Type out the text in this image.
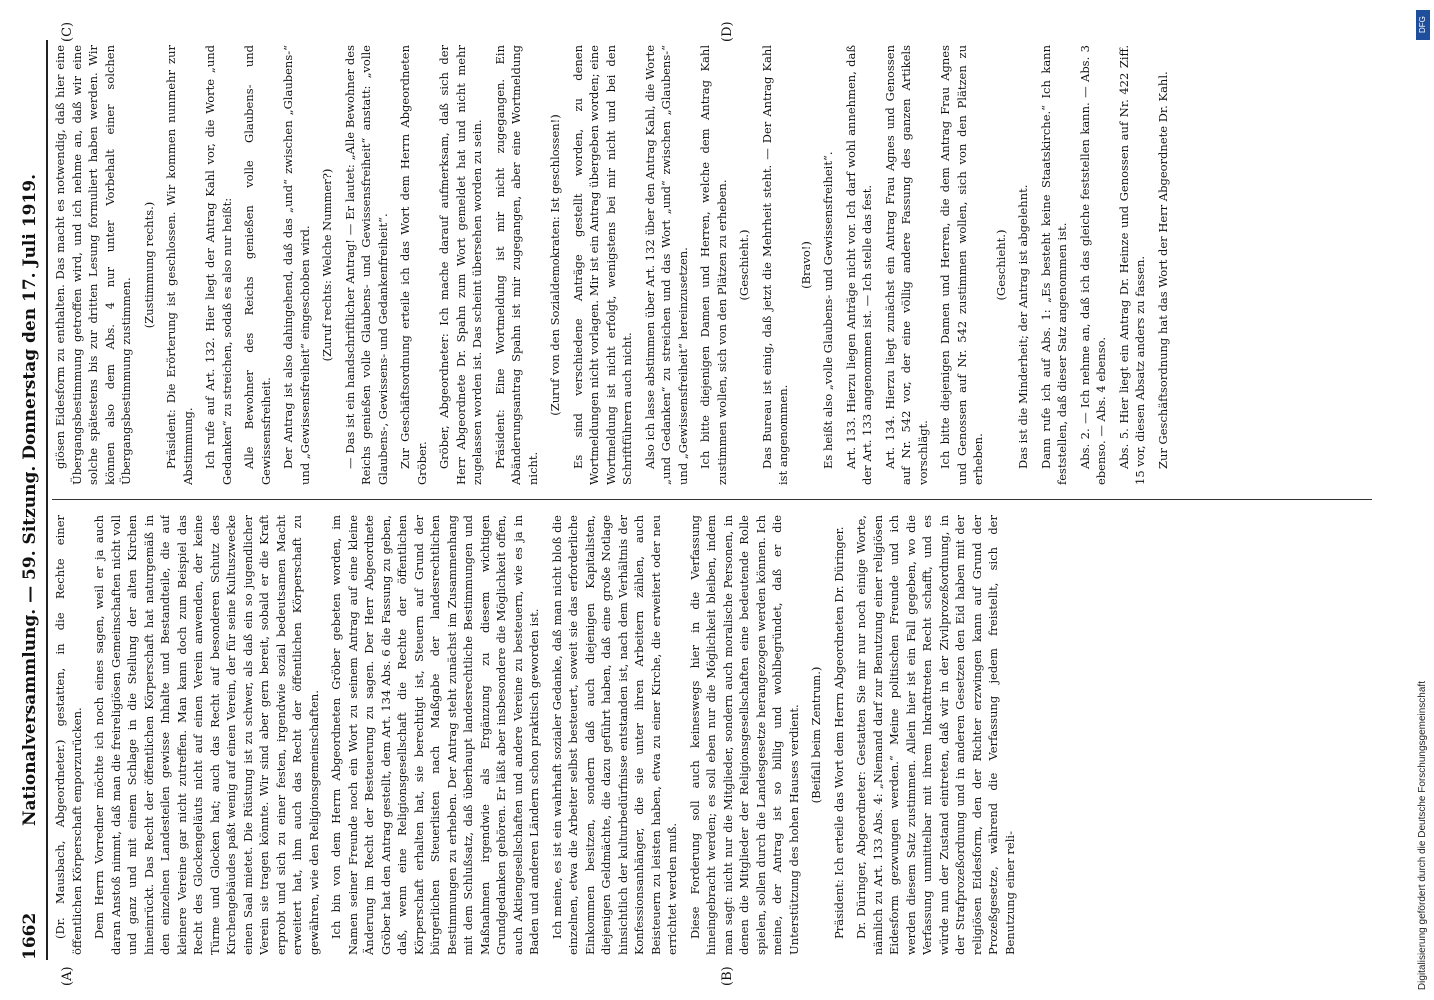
1662
Nationalversammlung. — 59. Sitzung. Donnerstag den 17. Juli 1919.
(A)	(B)
(C)	(D)

(Dr. Mausbach, Abgeordneter.) gestatten, in die Rechte einer öffentlichen Körperschaft emporzurücken. Dem Herrn Vorredner möchte ich noch eines sagen, weil er ja auch daran Anstoß nimmt, daß man die freireligiösen Gemeinschaften nicht voll und ganz und mit einem Schlage in die Stellung der alten Kirchen hineinrückt. Das Recht der öffentlichen Körperschaft hat naturgemäß in den einzelnen Landesteilen gewisse Inhalte und Bestandteile, die auf kleinere Vereine gar nicht zutreffen. Man kann doch zum Beispiel das Recht des Glockengeläuts nicht auf einen Verein anwenden, der keine Türme und Glocken hat; auch das Recht auf besonderen Schutz des Kirchengebäudes paßt wenig auf einen Verein, der für seine Kultuszwecke einen Saal mietet. Die Rüstung ist zu schwer, als daß ein so jugendlicher Verein sie tragen könnte. Wir sind aber gern bereit, sobald er die Kraft erprobt und sich zu einer festen, irgendwie sozial bedeutsamen Macht erweitert hat, ihm auch das Recht der öffentlichen Körperschaft zu gewähren, wie den Religionsgemeinschaften. Ich bin von dem Herrn Abgeordneten Gröber gebeten worden, im Namen seiner Freunde noch ein Wort zu seinem Antrag auf eine kleine Änderung im Recht der Besteuerung zu sagen. Der Herr Abgeordnete Gröber hat den Antrag gestellt, dem Art. 134 Abs. 6 die Fassung zu geben, daß, wenn eine Religionsgesellschaft die Rechte der öffentlichen Körperschaft erhalten hat, sie berechtigt ist, Steuern auf Grund der bürgerlichen Steuerlisten nach Maßgabe der landesrechtlichen Bestimmungen zu erheben. Der Antrag steht zunächst im Zusammenhang mit dem Schlußsatz, daß überhaupt landesrechtliche Bestimmungen und Maßnahmen irgendwie als Ergänzung zu diesem wichtigen Grundgedanken gehören. Er läßt aber insbesondere die Möglichkeit offen, auch Aktiengesellschaften und andere Vereine zu besteuern, wie es ja in Baden und anderen Ländern schon praktisch geworden ist. Ich meine, es ist ein wahrhaft sozialer Gedanke, daß man nicht bloß die einzelnen, etwa die Arbeiter selbst besteuert, soweit sie das erforderliche Einkommen besitzen, sondern daß auch diejenigen Kapitalisten, diejenigen Geldmächte, die dazu geführt haben, daß eine große Notlage hinsichtlich der kulturbedürfnisse entstanden ist, nach dem Verhältnis der Konfessionsanhänger, die sie unter ihren Arbeitern zählen, auch Beisteuern zu leisten haben, etwa zu einer Kirche, die erweitert oder neu errichtet werden muß. Diese Forderung soll auch keineswegs hier in die Verfassung hineingebracht werden; es soll eben nur die Möglichkeit bleiben, indem man sagt: nicht nur die Mitglieder, sondern auch moralische Personen, in denen die Mitglieder der Religionsgesellschaften eine bedeutende Rolle spielen, sollen durch die Landesgesetze herangezogen werden können. Ich meine, der Antrag ist so billig und wohlbegründet, daß er die Unterstützung des hohen Hauses verdient. (Beifall beim Zentrum.) Präsident: Ich erteile das Wort dem Herrn Abgeordneten Dr. Düringer. Dr. Düringer, Abgeordneter: Gestatten Sie mir nur noch einige Worte, nämlich zu Art. 133 Abs. 4: „Niemand darf zur Benutzung einer religiösen Eidesform gezwungen werden.“ Meine politischen Freunde und ich werden diesem Satz zustimmen. Allein hier ist ein Fall gegeben, wo die Verfassung unmittelbar mit ihrem Inkrafttreten Recht schafft, und es würde nun der Zustand eintreten, daß wir in der Zivilprozeßordnung, in der Strafprozeßordnung und in anderen Gesetzen den Eid haben mit der religiösen Eidesform, den der Richter erzwingen kann auf Grund der Prozeßgesetze, während die Verfassung jedem freistellt, sich der Benutzung einer reli-

giösen Eidesform zu enthalten. Das macht es notwendig, daß hier eine Übergangsbestimmung getroffen wird, und ich nehme an, daß wir eine solche spätestens bis zur dritten Lesung formuliert haben werden. Wir können also dem Abs. 4 nur unter Vorbehalt einer solchen Übergangsbestimmung zustimmen.

(Zustimmung rechts.) Präsident: Die Erörterung ist geschlossen. Wir kommen nunmehr zur Abstimmung. Ich rufe auf Art. 132. Hier liegt der Antrag Kahl vor, die Worte „und Gedanken“ zu streichen, sodaß es also nur heißt: Alle Bewohner des Reichs genießen volle Glaubens- und Gewissensfreiheit. Der Antrag ist also dahingehend, daß das „und“ zwischen „Glaubens-“ und „Gewissensfreiheit“ eingeschoben wird. (Zuruf rechts: Welche Nummer?) — Das ist ein handschriftlicher Antrag! — Er lautet: „Alle Bewohner des Reichs genießen volle Glaubens- und Gewissensfreiheit“ anstatt: „volle Glaubens-, Gewissens- und Gedankenfreiheit“. Zur Geschäftsordnung erteile ich das Wort dem Herrn Abgeordneten Gröber. Gröber, Abgeordneter: Ich mache darauf aufmerksam, daß sich der Herr Abgeordnete Dr. Spahn zum Wort gemeldet hat und nicht mehr zugelassen worden ist. Das scheint übersehen worden zu sein. Präsident: Eine Wortmeldung ist mir nicht zugegangen. Ein Abänderungsantrag Spahn ist mir zugegangen, aber eine Wortmeldung nicht.

(Zuruf von den Sozialdemokraten: Ist geschlossen!) Es sind verschiedene Anträge gestellt worden, zu denen Wortmeldungen nicht vorlagen. Mir ist ein Antrag übergeben worden; eine Wortmeldung ist nicht erfolgt, wenigstens bei mir nicht und bei den Schriftführern auch nicht. Also ich lasse abstimmen über Art. 132 über den Antrag Kahl, die Worte „und Gedanken“ zu streichen und das Wort „und“ zwischen „Glaubens-“ und „Gewissensfreiheit“ hereinzusetzen. Ich bitte diejenigen Damen und Herren, welche dem Antrag Kahl zustimmen wollen, sich von den Plätzen zu erheben. (Geschieht.) Das Bureau ist einig, daß jetzt die Mehrheit steht. — Der Antrag Kahl ist angenommen.

(Bravo!) Es heißt also „volle Glaubens- und Gewissensfreiheit“. Art. 133. Hierzu liegen Anträge nicht vor. Ich darf wohl annehmen, daß der Art. 133 angenommen ist. — Ich stelle das fest. Art. 134. Hierzu liegt zunächst ein Antrag Frau Agnes und Genossen auf Nr. 542 vor, der eine völlig andere Fassung des ganzen Artikels vorschlägt. Ich bitte diejenigen Damen und Herren, die dem Antrag Frau Agnes und Genossen auf Nr. 542 zustimmen wollen, sich von den Plätzen zu erheben.

(Geschieht.) Das ist die Minderheit; der Antrag ist abgelehnt. Dann rufe ich auf Abs. 1: „Es besteht keine Staatskirche.“ Ich kann feststellen, daß dieser Satz angenommen ist. Abs. 2. — Ich nehme an, daß ich das gleiche feststellen kann. — Abs. 3 ebenso. — Abs. 4 ebenso. Abs. 5. Hier liegt ein Antrag Dr. Heinze und Genossen auf Nr. 422 Ziff. 15 vor, diesen Absatz anders zu fassen. Zur Geschäftsordnung hat das Wort der Herr Abgeordnete Dr. Kahl.

DFG
Digitalisierung gefördert durch die Deutsche Forschungsgemeinschaft
